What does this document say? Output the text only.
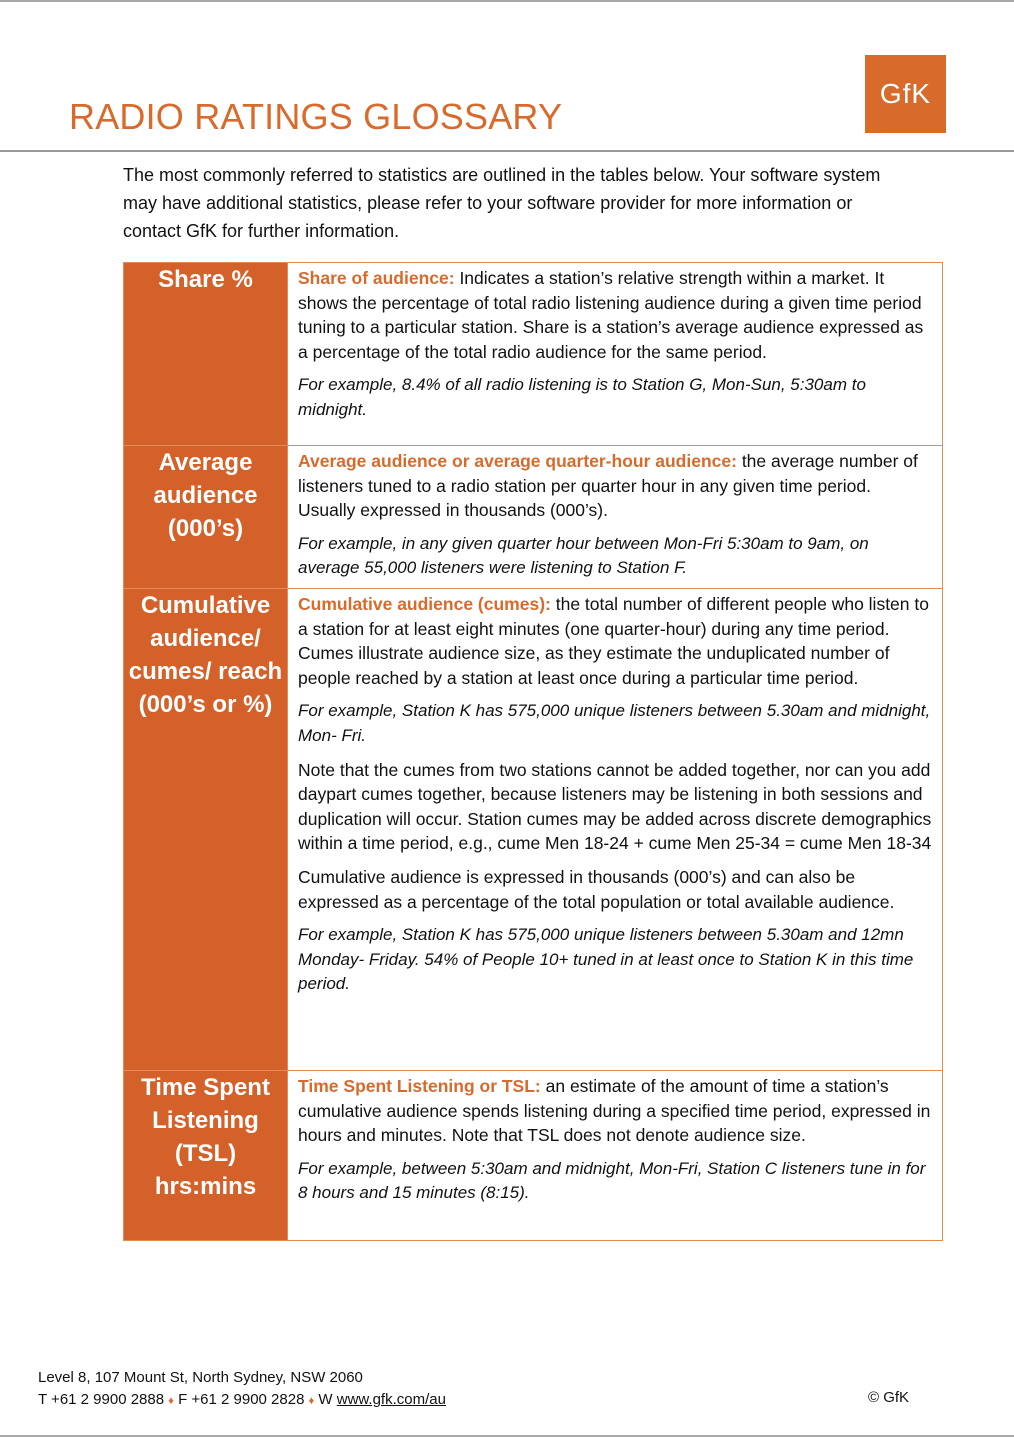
RADIO RATINGS GLOSSARY
GfK

The most commonly referred to statistics are outlined in the tables below. Your software system may have additional statistics, please refer to your software provider for more information or contact GfK for further information.

Share %	Share of audience: Indicates a station’s relative strength within a market. It shows the percentage of total radio listening audience during a given time period tuning to a particular station. Share is a station’s average audience expressed as a percentage of the total radio audience for the same period.

For example, 8.4% of all radio listening is to Station G, Mon-Sun, 5:30am to midnight.

Average audience (000’s)	Average audience or average quarter-hour audience: the average number of listeners tuned to a radio station per quarter hour in any given time period. Usually expressed in thousands (000’s).

For example, in any given quarter hour between Mon-Fri 5:30am to 9am, on average 55,000 listeners were listening to Station F.

Cumulative audience/ cumes/ reach (000’s or %)	Cumulative audience (cumes): the total number of different people who listen to a station for at least eight minutes (one quarter-hour) during any time period. Cumes illustrate audience size, as they estimate the unduplicated number of people reached by a station at least once during a particular time period.

For example, Station K has 575,000 unique listeners between 5.30am and midnight, Mon- Fri.

Note that the cumes from two stations cannot be added together, nor can you add daypart cumes together, because listeners may be listening in both sessions and duplication will occur. Station cumes may be added across discrete demographics within a time period, e.g., cume Men 18-24 + cume Men 25-34 = cume Men 18-34

Cumulative audience is expressed in thousands (000’s) and can also be expressed as a percentage of the total population or total available audience.

For example, Station K has 575,000 unique listeners between 5.30am and 12mn Monday- Friday. 54% of People 10+ tuned in at least once to Station K in this time period.

Time Spent Listening (TSL) hrs:mins	Time Spent Listening or TSL: an estimate of the amount of time a station’s cumulative audience spends listening during a specified time period, expressed in hours and minutes. Note that TSL does not denote audience size.

For example, between 5:30am and midnight, Mon-Fri, Station C listeners tune in for 8 hours and 15 minutes (8:15).

Level 8, 107 Mount St, North Sydney, NSW 2060
T +61 2 9900 2888 ♦ F +61 2 9900 2828 ♦ W www.gfk.com/au	© GfK
